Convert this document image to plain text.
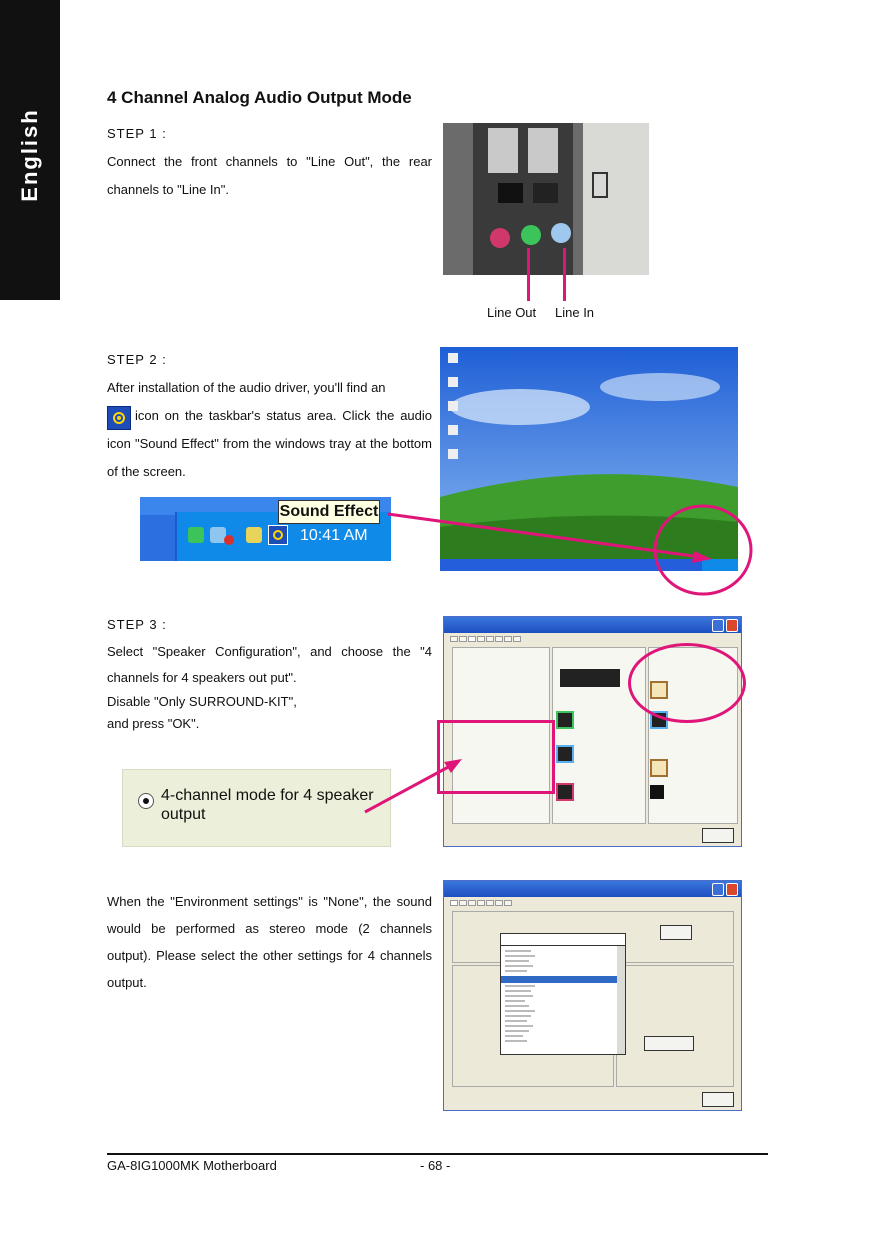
English
4 Channel Analog Audio Output Mode
STEP 1 :
Connect the front channels to "Line Out", the rear channels to "Line In".
Line Out Line In
STEP 2 :
After installation of the audio driver, you'll find an
icon on the taskbar's status area. Click the audio icon "Sound Effect" from the windows tray at the bottom of the screen.
Sound Effect
10:41 AM
STEP 3 :
Select "Speaker Configuration", and choose the "4 channels for 4 speakers out put".
Disable "Only SURROUND-KIT",
and press "OK".
4-channel mode for 4 speaker output
When the "Environment settings" is "None", the sound would be performed as stereo mode (2 channels output). Please select the other settings for 4 channels output.
GA-8IG1000MK Motherboard	- 68 -
